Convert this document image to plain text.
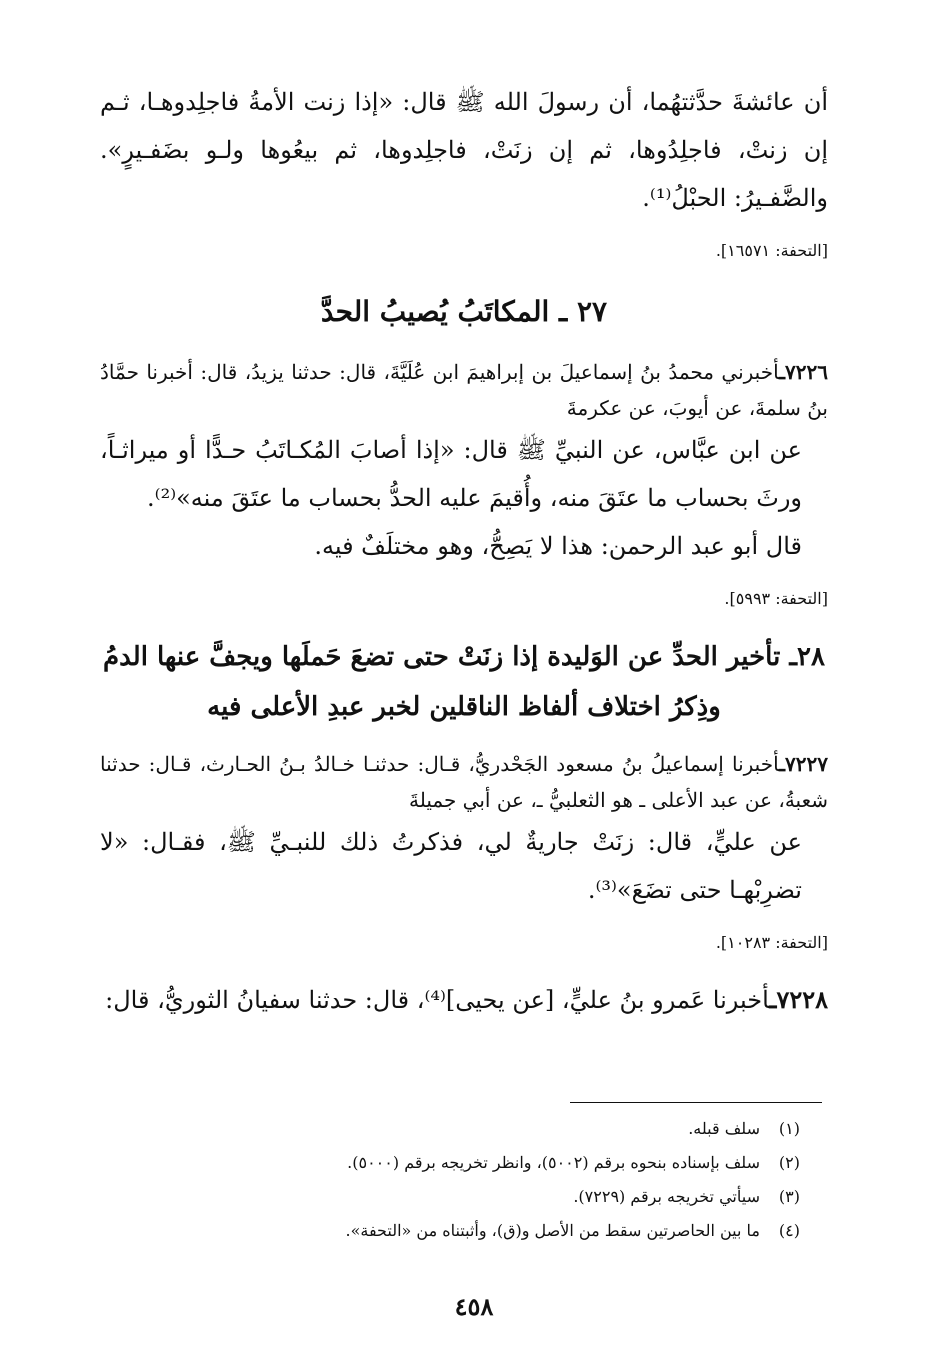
أن عائشةَ حدَّثتهُما، أن رسولَ الله ﷺ قال: «إذا زنت الأمةُ فاجلِدوهـا، ثـم إن زنتْ، فاجلِدُوها، ثم إن زنَتْ، فاجلِدوها، ثم بيعُوها ولـو بضَفـيرٍ». والضَّفـيرُ: الحبْلُ⁽¹⁾.

[التحفة: ١٦٥٧١].

٢٧ ـ المكاتَبُ يُصيبُ الحدَّ

٧٢٢٦ـأخبرني محمدُ بنُ إسماعيلَ بن إبراهيمَ ابن عُلَيَّةَ، قال: حدثنا يزيدُ، قال: أخبرنا حمَّادُ بنُ سلمةَ، عن أيوبَ، عن عكرمةَ

عن ابن عبَّاس، عن النبيِّ ﷺ قال: «إذا أصابَ المُكـاتَبُ حـدًّا أو ميراثـاً، ورثَ بحساب ما عتَقَ منه، وأُقيمَ عليه الحدُّ بحساب ما عتَقَ منه»⁽²⁾.

قال أبو عبد الرحمن: هذا لا يَصِحُّ، وهو مختلَفٌ فيه.

[التحفة: ٥٩٩٣].

٢٨ـ تأخير الحدِّ عن الوَليدة إذا زنَتْ حتى تضعَ حَملَها ويجفَّ عنها الدمُ
وذِكرُ اختلاف ألفاظ الناقلين لخبر عبدِ الأعلى فيه

٧٢٢٧ـأخبرنا إسماعيلُ بنُ مسعود الجَحْدريُّ، قـال: حدثنـا خـالدُ بـنُ الحـارث، قـال: حدثنا شعبةُ، عن عبد الأعلى ـ هو الثعلبيُّ ـ، عن أبي جميلةَ

عن عليٍّ، قال: زنَتْ جاريةٌ لي، فذكرتُ ذلك للنبـيِّ ﷺ، فقـال: «لا تضرِبْهـا حتى تضَعَ»⁽³⁾.

[التحفة: ١٠٢٨٣].

٧٢٢٨ـأخبرنا عَمرو بنُ عليٍّ، [عن يحيى]⁽⁴⁾، قال: حدثنا سفيانُ الثوريُّ، قال:

(١)سلف قبله.
(٢)سلف بإسناده بنحوه برقم (٥٠٠٢)، وانظر تخريجه برقم (٥٠٠٠).
(٣)سيأتي تخريجه برقم (٧٢٢٩).
(٤)ما بين الحاصرتين سقط من الأصل و(ق)، وأثبتناه من «التحفة».
٤٥٨
